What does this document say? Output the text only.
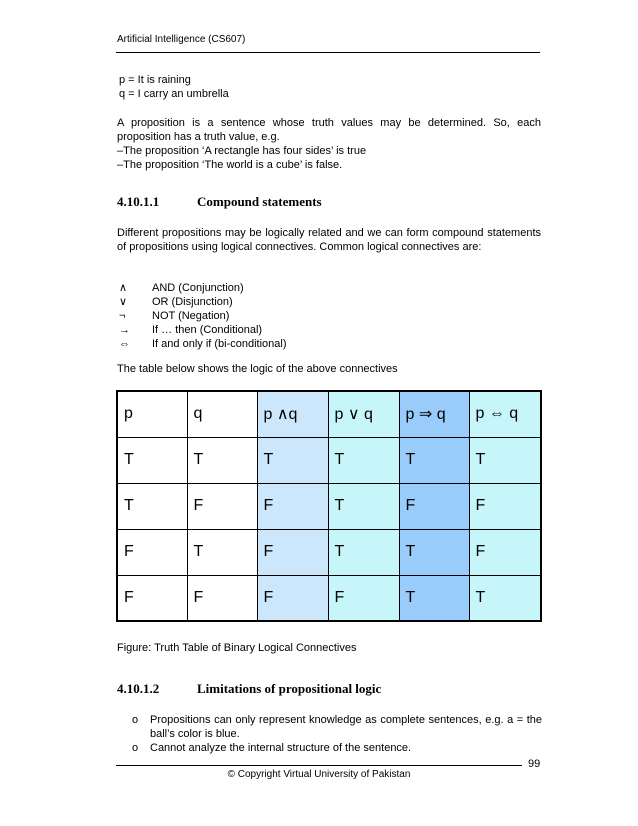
Artificial Intelligence (CS607)
p = It is raining
q = I carry an umbrella
A proposition is a sentence whose truth values may be determined. So, each proposition has a truth value, e.g.
–The proposition ‘A rectangle has four sides’ is true
–The proposition ‘The world is a cube’ is false.
4.10.1.1	Compound statements
Different propositions may be logically related and we can form compound statements of propositions using logical connectives. Common logical connectives are:
∧	AND (Conjunction)
∨	OR (Disjunction)
¬	NOT (Negation)
→	If … then (Conditional)
⇔	If and only if (bi-conditional)
The table below shows the logic of the above connectives
p	q	p ∧q	p ∨ q	p ⇒ q	p ⇔ q
T	T	T	T	T	T
T	F	F	T	F	F
F	T	F	T	T	F
F	F	F	F	T	T
Figure: Truth Table of Binary Logical Connectives
4.10.1.2	Limitations of propositional logic
o	Propositions can only represent knowledge as complete sentences, e.g. a = the ball’s color is blue.
o	Cannot analyze the internal structure of the sentence.
99
© Copyright Virtual University of Pakistan
